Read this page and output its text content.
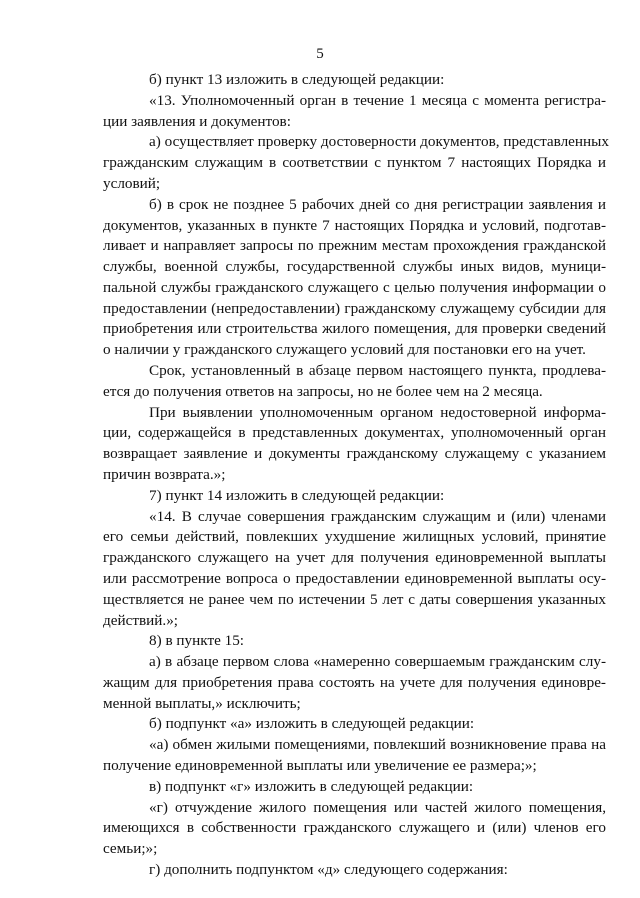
5
б) пункт 13 изложить в следующей редакции:
«13. Уполномоченный орган в течение 1 месяца с момента регистра-
ции заявления и документов:
а) осуществляет проверку достоверности документов, представленных
гражданским служащим в соответствии с пунктом 7 настоящих Порядка и
условий;
б) в срок не позднее 5 рабочих дней со дня регистрации заявления и
документов, указанных в пункте 7 настоящих Порядка и условий, подготав-
ливает и направляет запросы по прежним местам прохождения гражданской
службы, военной службы, государственной службы иных видов, муници-
пальной службы гражданского служащего с целью получения информации о
предоставлении (непредоставлении) гражданскому служащему субсидии для
приобретения или строительства жилого помещения, для проверки сведений
о наличии у гражданского служащего условий для постановки его на учет.
Срок, установленный в абзаце первом настоящего пункта, продлева-
ется до получения ответов на запросы, но не более чем на 2 месяца.
При выявлении уполномоченным органом недостоверной информа-
ции, содержащейся в представленных документах, уполномоченный орган
возвращает заявление и документы гражданскому служащему с указанием
причин возврата.»;
7) пункт 14 изложить в следующей редакции:
«14. В случае совершения гражданским служащим и (или) членами
его семьи действий, повлекших ухудшение жилищных условий, принятие
гражданского служащего на учет для получения единовременной выплаты
или рассмотрение вопроса о предоставлении единовременной выплаты осу-
ществляется не ранее чем по истечении 5 лет с даты совершения указанных
действий.»;
8) в пункте 15:
а) в абзаце первом слова «намеренно совершаемым гражданским слу-
жащим для приобретения права состоять на учете для получения единовре-
менной выплаты,» исключить;
б) подпункт «а» изложить в следующей редакции:
«а) обмен жилыми помещениями, повлекший возникновение права на
получение единовременной выплаты или увеличение ее размера;»;
в) подпункт «г» изложить в следующей редакции:
«г) отчуждение жилого помещения или частей жилого помещения,
имеющихся в собственности гражданского служащего и (или) членов его
семьи;»;
г) дополнить подпунктом «д» следующего содержания:
